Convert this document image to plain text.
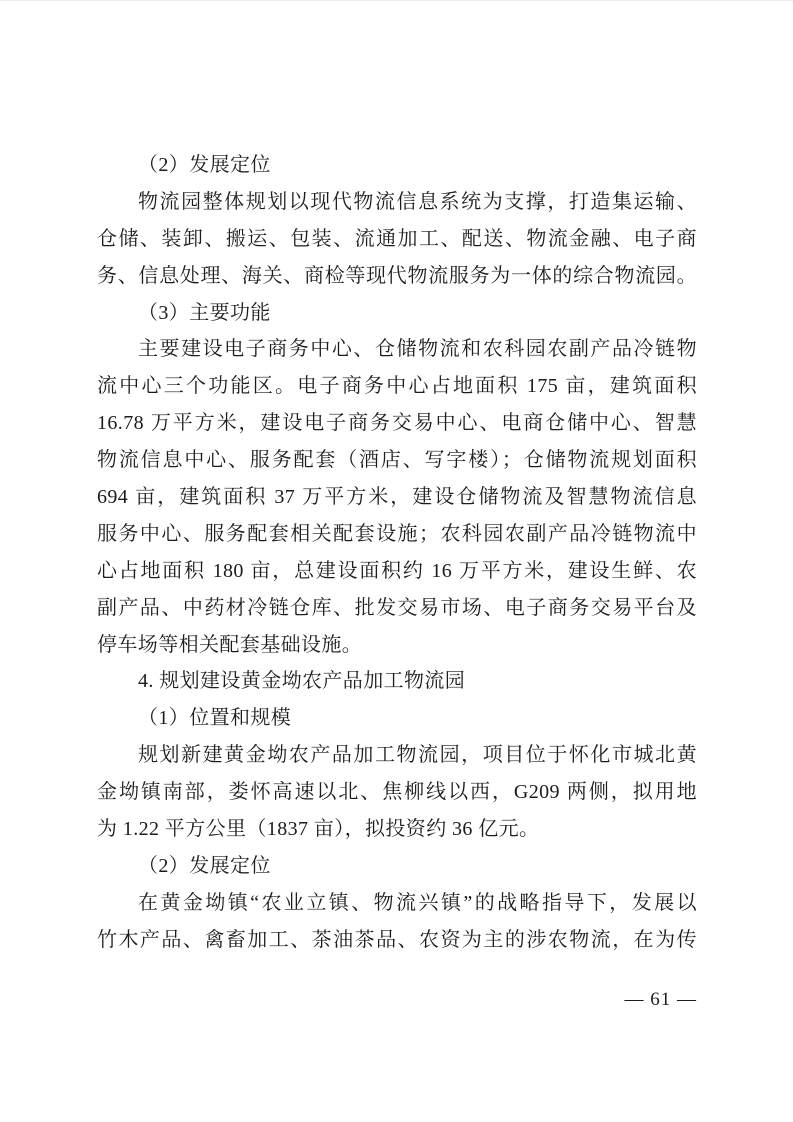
（2）发展定位
物流园整体规划以现代物流信息系统为支撑，打造集运输、
仓储、装卸、搬运、包装、流通加工、配送、物流金融、电子商
务、信息处理、海关、商检等现代物流服务为一体的综合物流园。
（3）主要功能
主要建设电子商务中心、仓储物流和农科园农副产品冷链物
流中心三个功能区。电子商务中心占地面积 175 亩，建筑面积
16.78 万平方米，建设电子商务交易中心、电商仓储中心、智慧
物流信息中心、服务配套（酒店、写字楼）；仓储物流规划面积
694 亩，建筑面积 37 万平方米，建设仓储物流及智慧物流信息
服务中心、服务配套相关配套设施；农科园农副产品冷链物流中
心占地面积 180 亩，总建设面积约 16 万平方米，建设生鲜、农
副产品、中药材冷链仓库、批发交易市场、电子商务交易平台及
停车场等相关配套基础设施。
4. 规划建设黄金坳农产品加工物流园
（1）位置和规模
规划新建黄金坳农产品加工物流园，项目位于怀化市城北黄
金坳镇南部，娄怀高速以北、焦柳线以西，G209 两侧，拟用地
为 1.22 平方公里（1837 亩），拟投资约 36 亿元。
（2）发展定位
在黄金坳镇“农业立镇、物流兴镇”的战略指导下，发展以
竹木产品、禽畜加工、茶油茶品、农资为主的涉农物流，在为传
— 61 —
